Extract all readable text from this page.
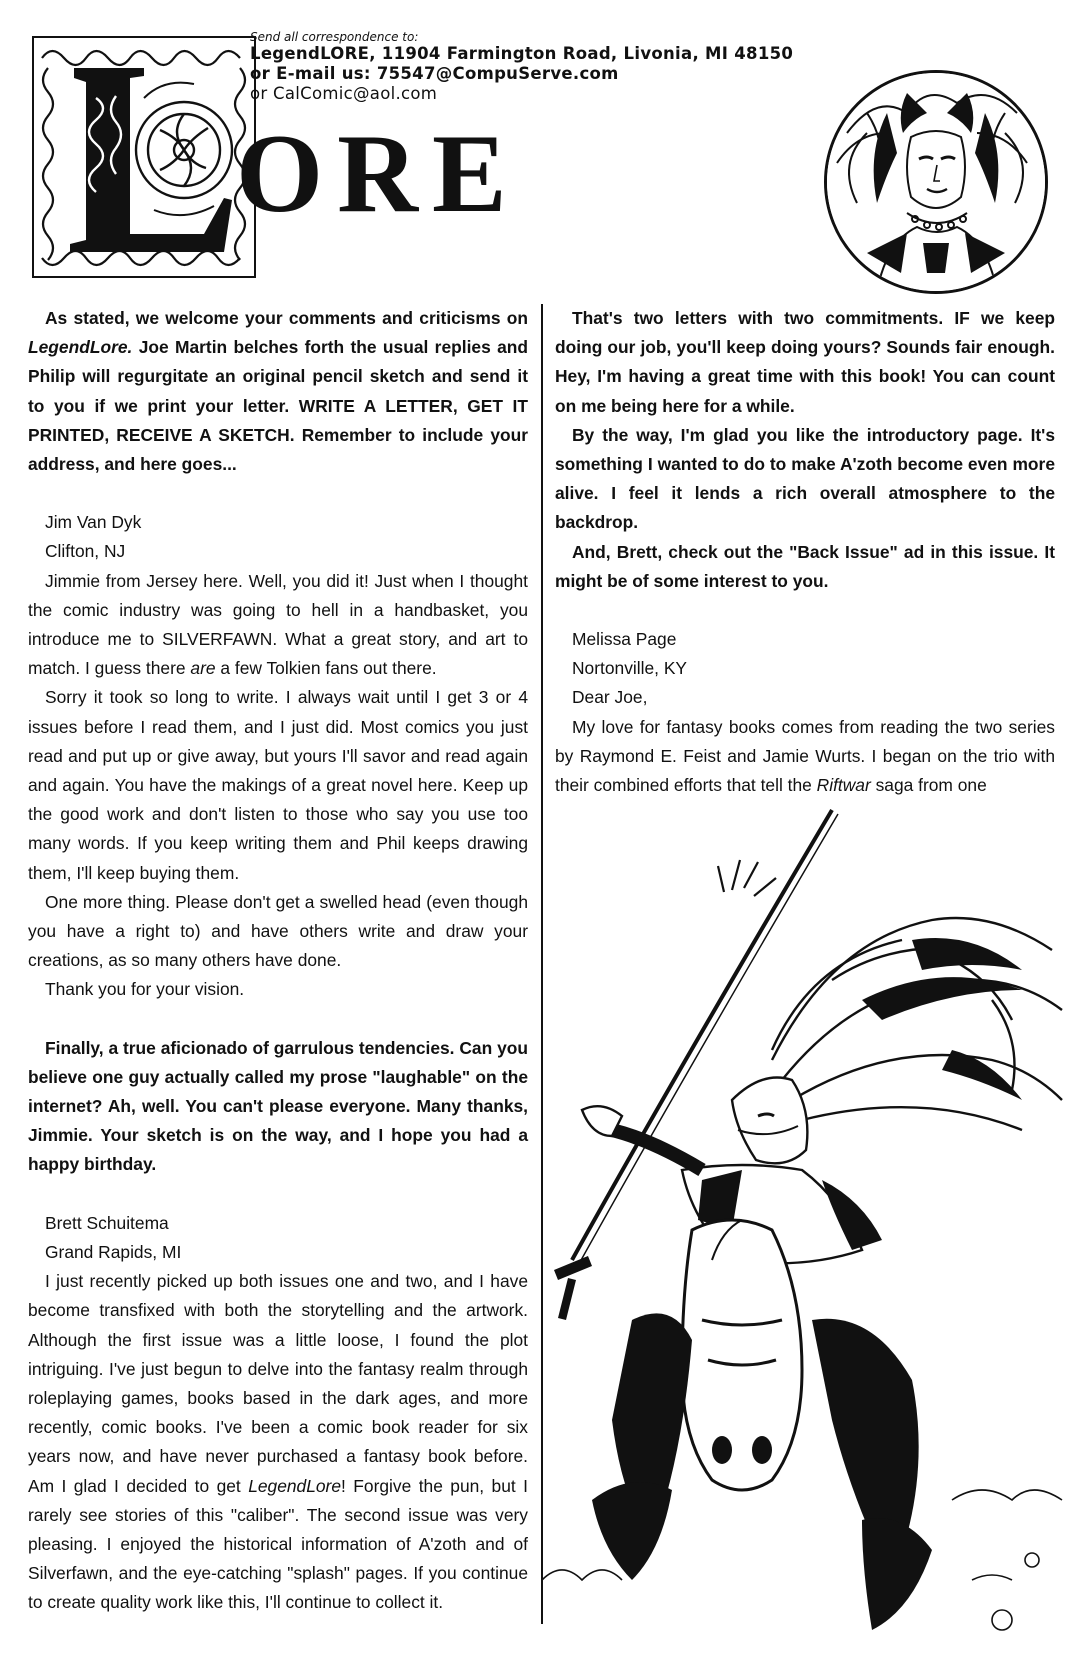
ORE
Send all correspondence to:
LegendLORE, 11904 Farmington Road, Livonia, MI 48150
or E-mail us: 75547@CompuServe.com
or CalComic@aol.com

As stated, we welcome your comments and criticisms on LegendLore. Joe Martin belches forth the usual replies and Philip will regurgitate an original pencil sketch and send it to you if we print your letter. WRITE A LETTER, GET IT PRINTED, RECEIVE A SKETCH. Remember to include your address, and here goes...

Jim Van Dyk

Clifton, NJ

Jimmie from Jersey here. Well, you did it! Just when I thought the comic industry was going to hell in a handbasket, you introduce me to SILVERFAWN. What a great story, and art to match. I guess there are a few Tolkien fans out there.

Sorry it took so long to write. I always wait until I get 3 or 4 issues before I read them, and I just did. Most comics you just read and put up or give away, but yours I'll savor and read again and again. You have the makings of a great novel here. Keep up the good work and don't listen to those who say you use too many words. If you keep writing them and Phil keeps drawing them, I'll keep buying them.

One more thing. Please don't get a swelled head (even though you have a right to) and have others write and draw your creations, as so many others have done.

Thank you for your vision.

Finally, a true aficionado of garrulous tendencies. Can you believe one guy actually called my prose "laughable" on the internet? Ah, well. You can't please everyone. Many thanks, Jimmie. Your sketch is on the way, and I hope you had a happy birthday.

Brett Schuitema

Grand Rapids, MI

I just recently picked up both issues one and two, and I have become transfixed with both the storytelling and the artwork. Although the first issue was a little loose, I found the plot intriguing. I've just begun to delve into the fantasy realm through roleplaying games, books based in the dark ages, and more recently, comic books. I've been a comic book reader for six years now, and have never purchased a fantasy book before. Am I glad I decided to get LegendLore! Forgive the pun, but I rarely see stories of this "caliber". The second issue was very pleasing. I enjoyed the historical information of A'zoth and of Silverfawn, and the eye-catching "splash" pages. If you continue to create quality work like this, I'll continue to collect it.

That's two letters with two commitments. IF we keep doing our job, you'll keep doing yours? Sounds fair enough. Hey, I'm having a great time with this book! You can count on me being here for a while.

By the way, I'm glad you like the introductory page. It's something I wanted to do to make A'zoth become even more alive. I feel it lends a rich overall atmosphere to the backdrop.

And, Brett, check out the "Back Issue" ad in this issue. It might be of some interest to you.

Melissa Page

Nortonville, KY

Dear Joe,

My love for fantasy books comes from reading the two series by Raymond E. Feist and Jamie Wurts. I began on the trio with their combined efforts that tell the Riftwar saga from one
